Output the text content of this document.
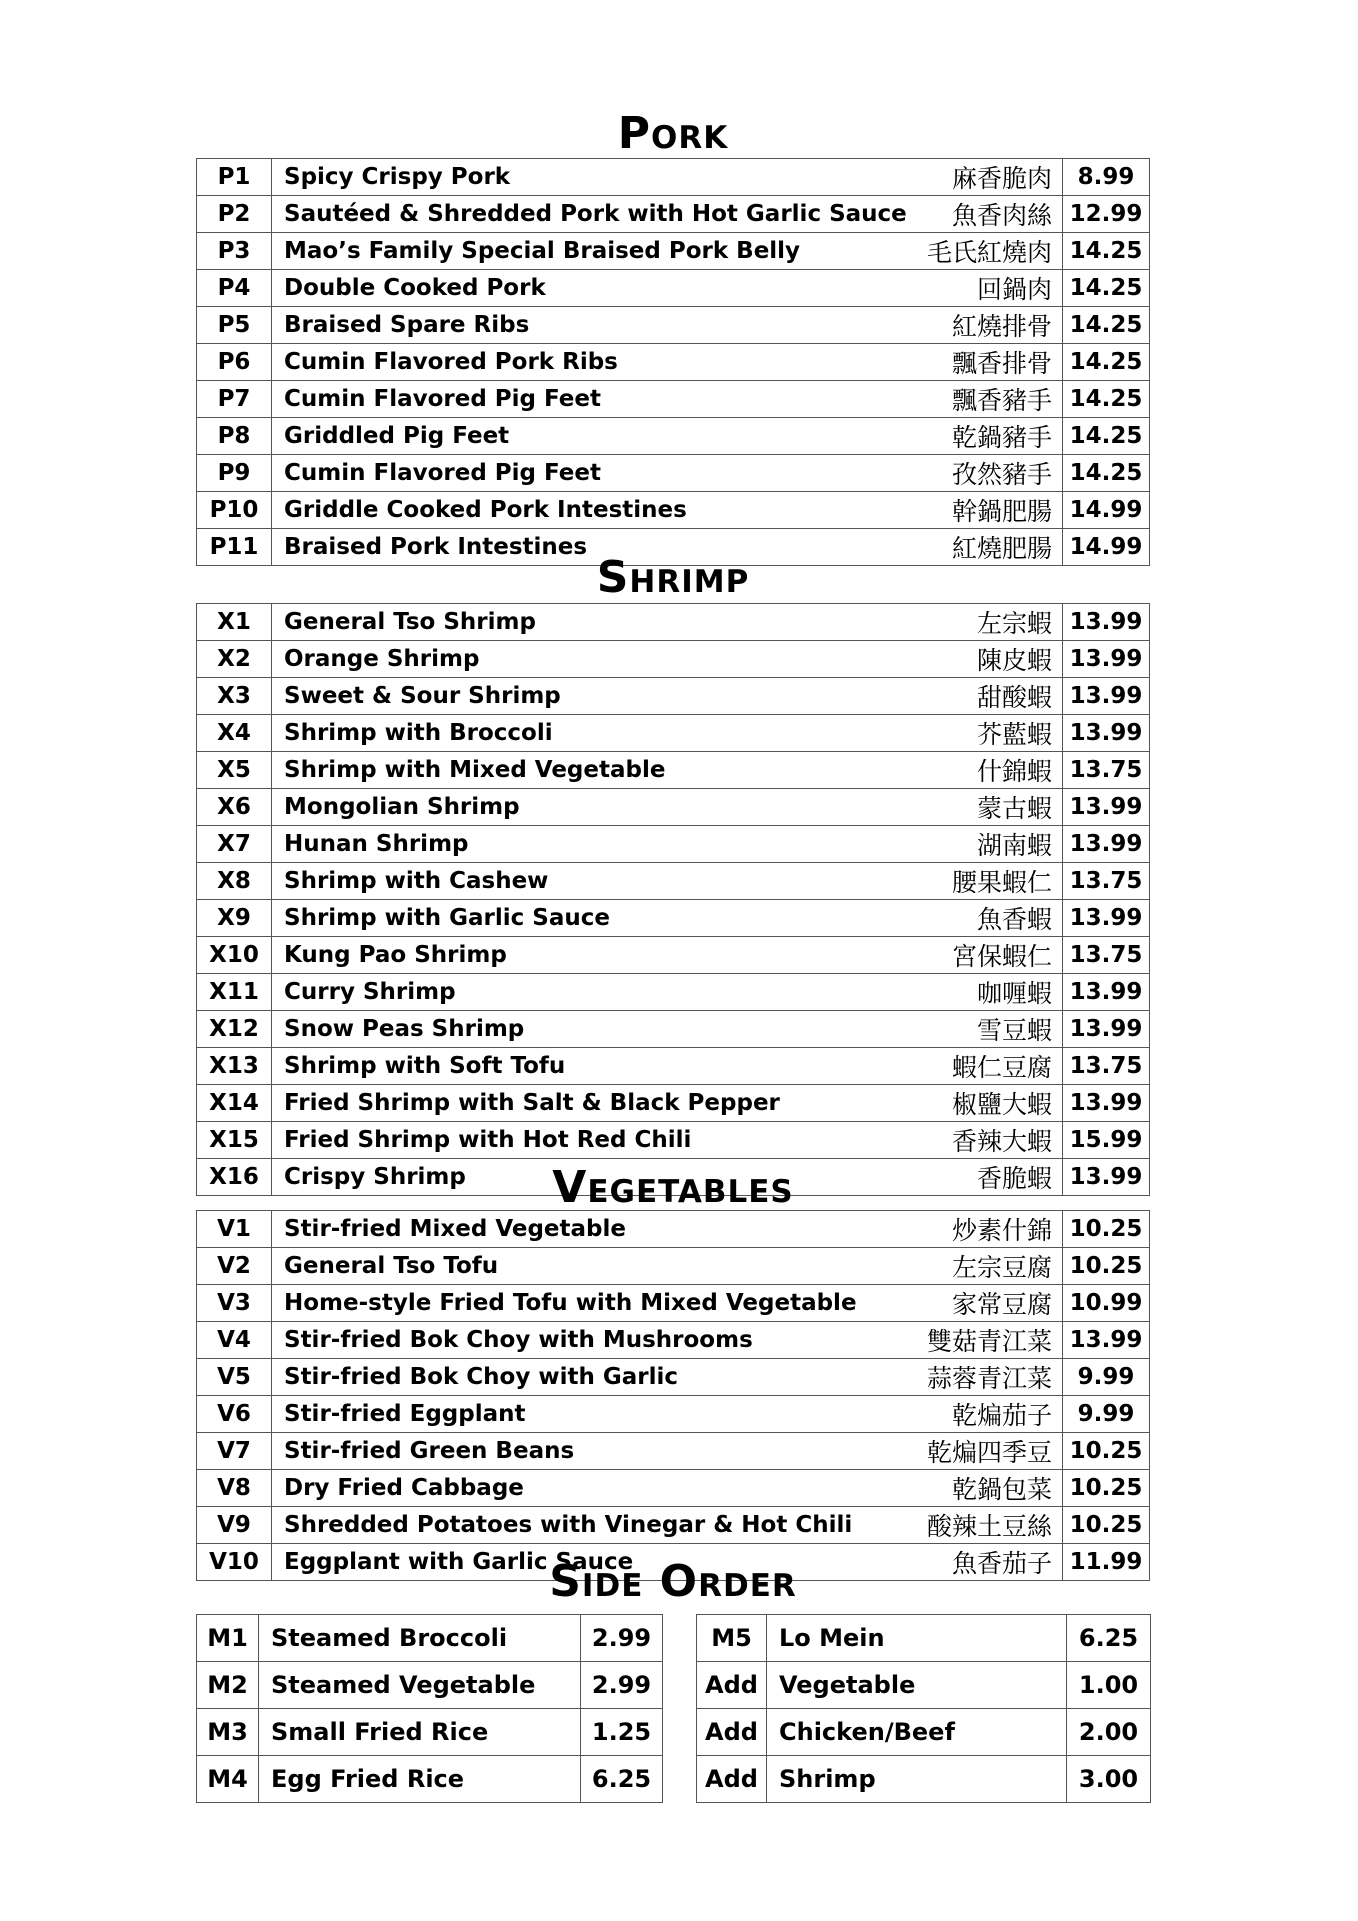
Pork
P1	Spicy Crispy Pork	麻香脆肉	8.99
P2	Sautéed & Shredded Pork with Hot Garlic Sauce	魚香肉絲	12.99
P3	Mao’s Family Special Braised Pork Belly	毛氏紅燒肉	14.25
P4	Double Cooked Pork	回鍋肉	14.25
P5	Braised Spare Ribs	紅燒排骨	14.25
P6	Cumin Flavored Pork Ribs	飄香排骨	14.25
P7	Cumin Flavored Pig Feet	飄香豬手	14.25
P8	Griddled Pig Feet	乾鍋豬手	14.25
P9	Cumin Flavored Pig Feet	孜然豬手	14.25
P10	Griddle Cooked Pork Intestines	幹鍋肥腸	14.99
P11	Braised Pork Intestines	紅燒肥腸	14.99
Shrimp
X1	General Tso Shrimp	左宗蝦	13.99
X2	Orange Shrimp	陳皮蝦	13.99
X3	Sweet & Sour Shrimp	甜酸蝦	13.99
X4	Shrimp with Broccoli	芥藍蝦	13.99
X5	Shrimp with Mixed Vegetable	什錦蝦	13.75
X6	Mongolian Shrimp	蒙古蝦	13.99
X7	Hunan Shrimp	湖南蝦	13.99
X8	Shrimp with Cashew	腰果蝦仁	13.75
X9	Shrimp with Garlic Sauce	魚香蝦	13.99
X10	Kung Pao Shrimp	宮保蝦仁	13.75
X11	Curry Shrimp	咖喱蝦	13.99
X12	Snow Peas Shrimp	雪豆蝦	13.99
X13	Shrimp with Soft Tofu	蝦仁豆腐	13.75
X14	Fried Shrimp with Salt & Black Pepper	椒鹽大蝦	13.99
X15	Fried Shrimp with Hot Red Chili	香辣大蝦	15.99
X16	Crispy Shrimp	香脆蝦	13.99
Vegetables
V1	Stir-fried Mixed Vegetable	炒素什錦	10.25
V2	General Tso Tofu	左宗豆腐	10.25
V3	Home-style Fried Tofu with Mixed Vegetable	家常豆腐	10.99
V4	Stir-fried Bok Choy with Mushrooms	雙菇青江菜	13.99
V5	Stir-fried Bok Choy with Garlic	蒜蓉青江菜	9.99
V6	Stir-fried Eggplant	乾煸茄子	9.99
V7	Stir-fried Green Beans	乾煸四季豆	10.25
V8	Dry Fried Cabbage	乾鍋包菜	10.25
V9	Shredded Potatoes with Vinegar & Hot Chili	酸辣土豆絲	10.25
V10	Eggplant with Garlic Sauce	魚香茄子	11.99
Side Order
M1	Steamed Broccoli	2.99
M2	Steamed Vegetable	2.99
M3	Small Fried Rice	1.25
M4	Egg Fried Rice	6.25
M5	Lo Mein	6.25
Add	Vegetable	1.00
Add	Chicken/Beef	2.00
Add	Shrimp	3.00
